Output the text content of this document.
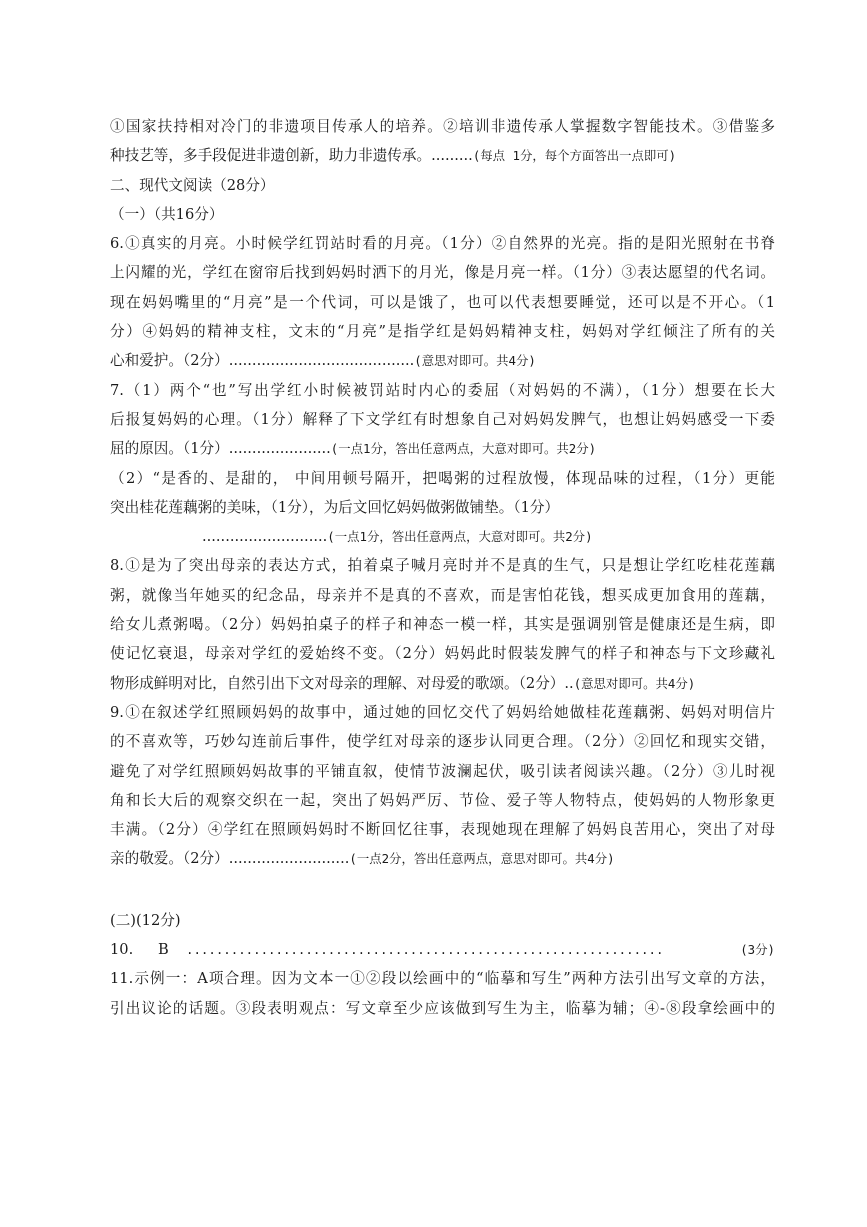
①国家扶持相对冷门的非遗项目传承人的培养。②培训非遗传承人掌握数字智能技术。③借鉴多
种技艺等，多手段促进非遗创新，助力非遗传承。.........(每点 1分，每个方面答出一点即可)
二、现代文阅读（28分）
（一）（共16分）
6.①真实的月亮。小时候学红罚站时看的月亮。（1分）②自然界的光亮。指的是阳光照射在书脊
上闪耀的光，学红在窗帘后找到妈妈时洒下的月光，像是月亮一样。（1分）③表达愿望的代名词。
现在妈妈嘴里的“月亮”是一个代词，可以是饿了，也可以代表想要睡觉，还可以是不开心。（1
分）④妈妈的精神支柱，文末的“月亮”是指学红是妈妈精神支柱，妈妈对学红倾注了所有的关
心和爱护。（2分）........................................(意思对即可。共4分)
7.（1）两个“也”写出学红小时候被罚站时内心的委屈（对妈妈的不满），（1分）想要在长大
后报复妈妈的心理。（1分）解释了下文学红有时想象自己对妈妈发脾气，也想让妈妈感受一下委
屈的原因。（1分）......................(一点1分，答出任意两点，大意对即可。共2分)
（2）“是香的、是甜的， 中间用顿号隔开，把喝粥的过程放慢，体现品味的过程，（1分）更能
突出桂花莲藕粥的美味，（1分），为后文回忆妈妈做粥做铺垫。（1分）
...........................(一点1分，答出任意两点，大意对即可。共2分)
8.①是为了突出母亲的表达方式，拍着桌子喊月亮时并不是真的生气，只是想让学红吃桂花莲藕
粥，就像当年她买的纪念品，母亲并不是真的不喜欢，而是害怕花钱，想买成更加食用的莲藕，
给女儿煮粥喝。（2分）妈妈拍桌子的样子和神态一模一样，其实是强调别管是健康还是生病，即
使记忆衰退，母亲对学红的爱始终不变。（2分）妈妈此时假装发脾气的样子和神态与下文珍藏礼
物形成鲜明对比，自然引出下文对母亲的理解、对母爱的歌颂。（2分）..(意思对即可。共4分)
9.①在叙述学红照顾妈妈的故事中，通过她的回忆交代了妈妈给她做桂花莲藕粥、妈妈对明信片
的不喜欢等，巧妙勾连前后事件，使学红对母亲的逐步认同更合理。（2分）②回忆和现实交错，
避免了对学红照顾妈妈故事的平铺直叙，使情节波澜起伏，吸引读者阅读兴趣。（2分）③儿时视
角和长大后的观察交织在一起，突出了妈妈严厉、节俭、爱子等人物特点，使妈妈的人物形象更
丰满。（2分）④学红在照顾妈妈时不断回忆往事，表现她现在理解了妈妈良苦用心，突出了对母
亲的敬爱。（2分）..........................(一点2分，答出任意两点，意思对即可。共4分)
(二)(12分)
10.	B	................................................................	(3分)
11.示例一：A项合理。因为文本一①②段以绘画中的“临摹和写生”两种方法引出写文章的方法，
引出议论的话题。③段表明观点：写文章至少应该做到写生为主，临摹为辅；④-⑧段拿绘画中的
